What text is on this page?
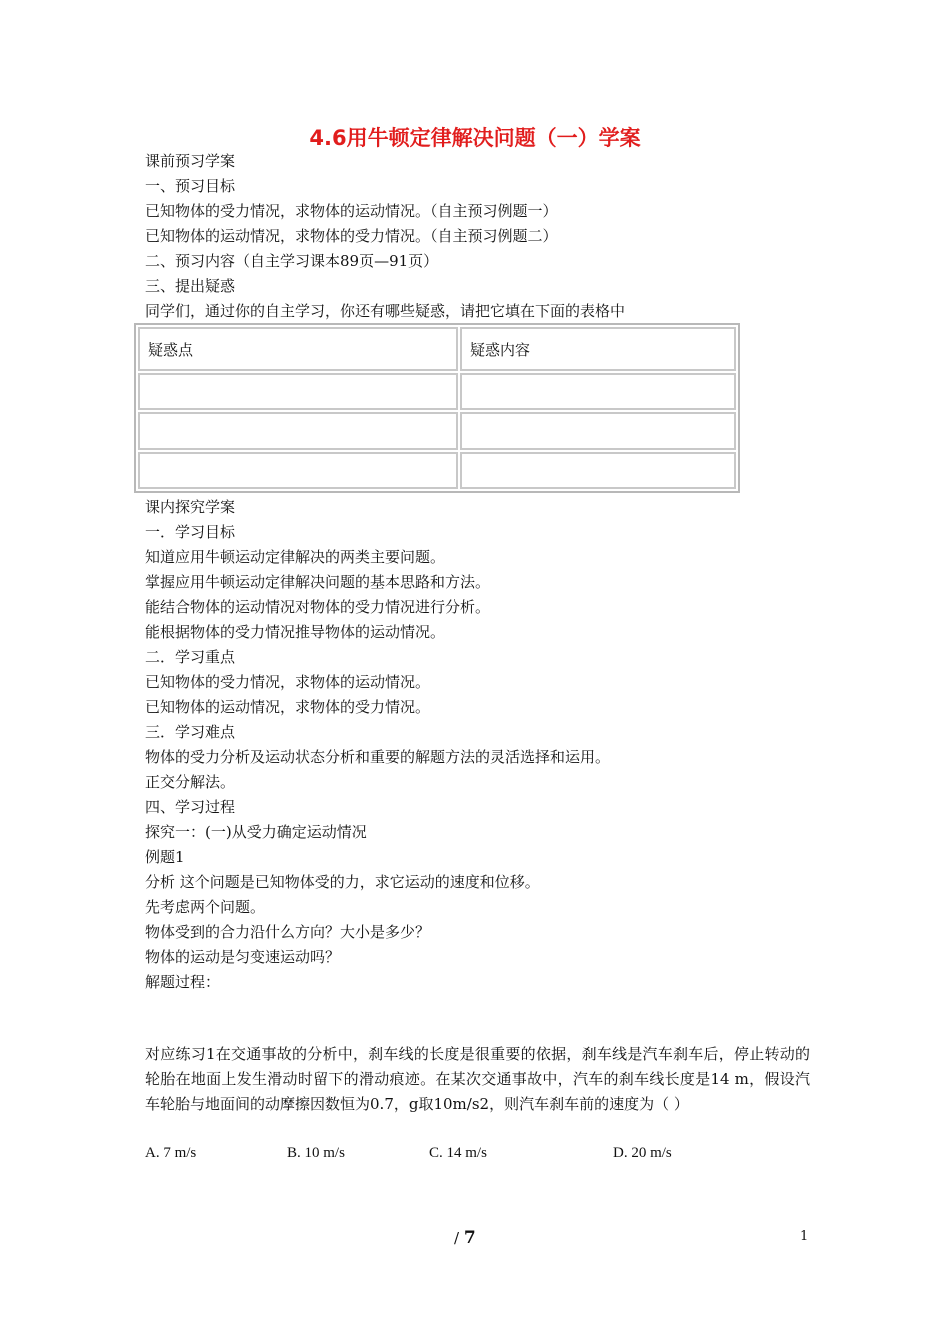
4.6用牛顿定律解决问题（一）学案
课前预习学案
一、预习目标
已知物体的受力情况，求物体的运动情况。（自主预习例题一）
已知物体的运动情况，求物体的受力情况。（自主预习例题二）
二、预习内容（自主学习课本89页—91页）
三、提出疑惑
同学们，通过你的自主学习，你还有哪些疑惑，请把它填在下面的表格中
疑惑点	疑惑内容

课内探究学案
一．学习目标
知道应用牛顿运动定律解决的两类主要问题。
掌握应用牛顿运动定律解决问题的基本思路和方法。
能结合物体的运动情况对物体的受力情况进行分析。
能根据物体的受力情况推导物体的运动情况。
二．学习重点
已知物体的受力情况，求物体的运动情况。
已知物体的运动情况，求物体的受力情况。
三．学习难点
物体的受力分析及运动状态分析和重要的解题方法的灵活选择和运用。
正交分解法。
四、学习过程
探究一：(一)从受力确定运动情况
例题1
分析 这个问题是已知物体受的力，求它运动的速度和位移。
先考虑两个问题。
物体受到的合力沿什么方向？大小是多少？
物体的运动是匀变速运动吗？
解题过程：
对应练习1在交通事故的分析中，刹车线的长度是很重要的依据，刹车线是汽车刹车后，停止转动的轮胎在地面上发生滑动时留下的滑动痕迹。在某次交通事故中，汽车的刹车线长度是14 m，假设汽车轮胎与地面间的动摩擦因数恒为0.7，g取10m/s2，则汽车刹车前的速度为（ ）
A. 7 m/s	B. 10 m/s	C. 14 m/s	D. 20 m/s
/ 7	1
